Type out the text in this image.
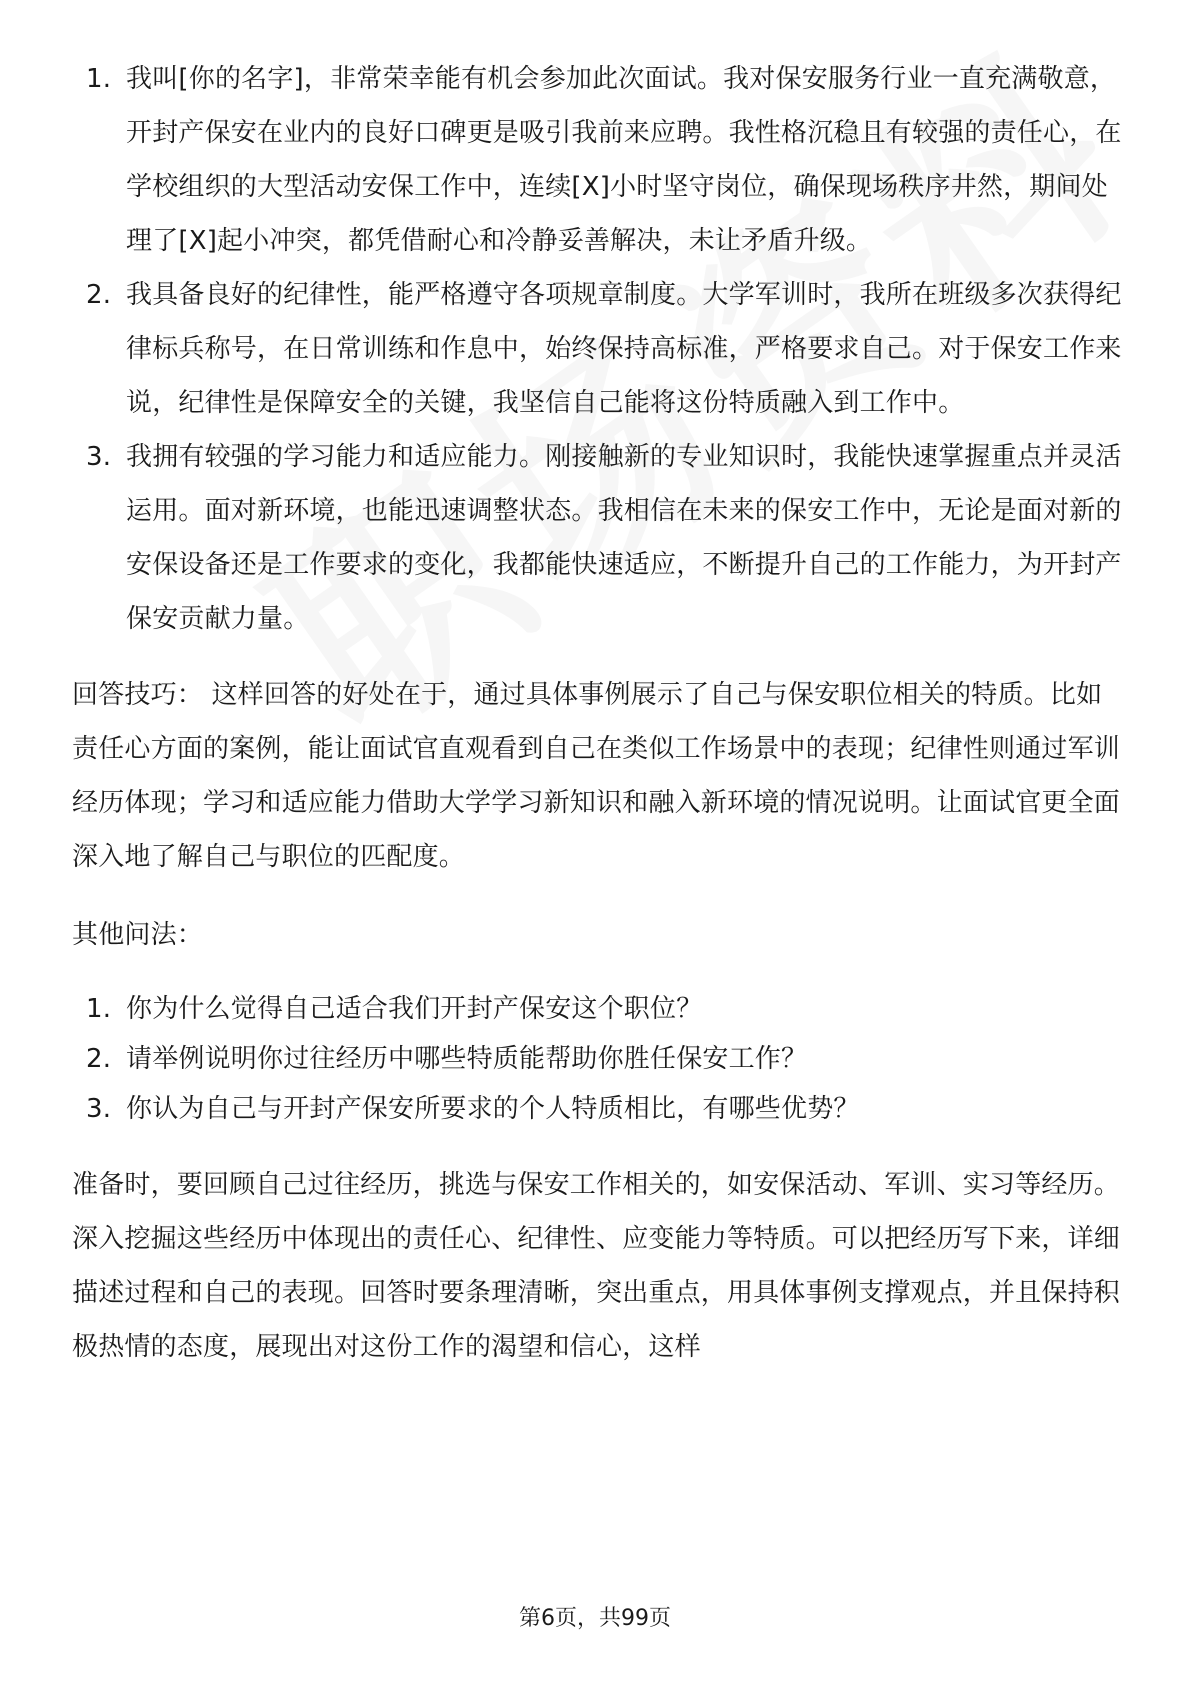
1. 我叫[你的名字]，非常荣幸能有机会参加此次面试。我对保安服务行业一直充满敬意，开封产保安在业内的良好口碑更是吸引我前来应聘。我性格沉稳且有较强的责任心，在学校组织的大型活动安保工作中，连续[X]小时坚守岗位，确保现场秩序井然，期间处理了[X]起小冲突，都凭借耐心和冷静妥善解决，未让矛盾升级。
2. 我具备良好的纪律性，能严格遵守各项规章制度。大学军训时，我所在班级多次获得纪律标兵称号，在日常训练和作息中，始终保持高标准，严格要求自己。对于保安工作来说，纪律性是保障安全的关键，我坚信自己能将这份特质融入到工作中。
3. 我拥有较强的学习能力和适应能力。刚接触新的专业知识时，我能快速掌握重点并灵活运用。面对新环境，也能迅速调整状态。我相信在未来的保安工作中，无论是面对新的安保设备还是工作要求的变化，我都能快速适应，不断提升自己的工作能力，为开封产保安贡献力量。
回答技巧： 这样回答的好处在于，通过具体事例展示了自己与保安职位相关的特质。比如责任心方面的案例，能让面试官直观看到自己在类似工作场景中的表现；纪律性则通过军训经历体现；学习和适应能力借助大学学习新知识和融入新环境的情况说明。让面试官更全面深入地了解自己与职位的匹配度。
其他问法：
1. 你为什么觉得自己适合我们开封产保安这个职位？
2. 请举例说明你过往经历中哪些特质能帮助你胜任保安工作？
3. 你认为自己与开封产保安所要求的个人特质相比，有哪些优势？
准备时，要回顾自己过往经历，挑选与保安工作相关的，如安保活动、军训、实习等经历。深入挖掘这些经历中体现出的责任心、纪律性、应变能力等特质。可以把经历写下来，详细描述过程和自己的表现。回答时要条理清晰，突出重点，用具体事例支撑观点，并且保持积极热情的态度，展现出对这份工作的渴望和信心，这样
第6页，共99页
